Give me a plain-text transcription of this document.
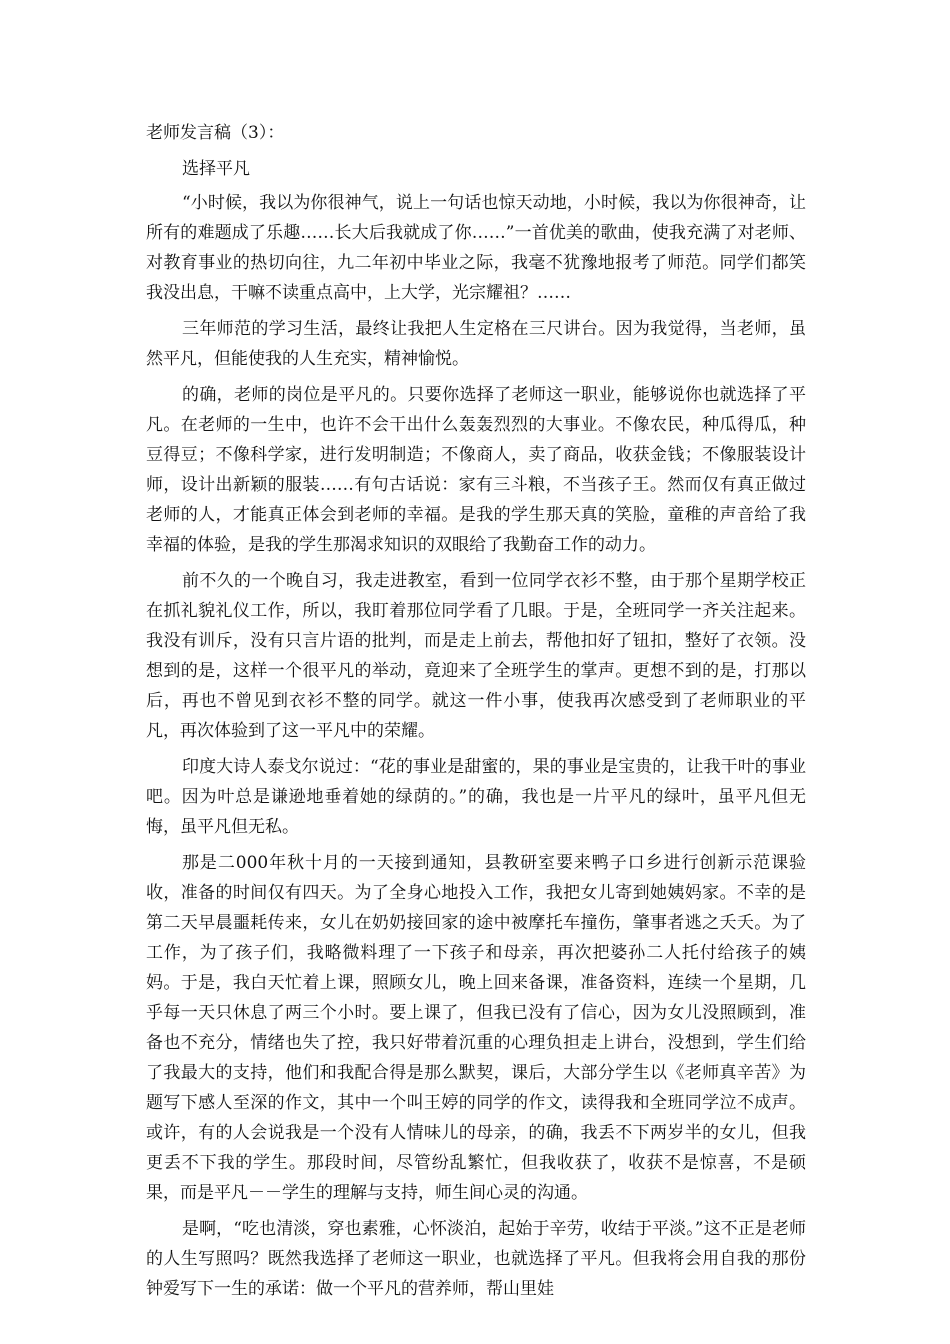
老师发言稿（3）：

选择平凡

“小时候，我以为你很神气，说上一句话也惊天动地，小时候，我以为你很神奇，让所有的难题成了乐趣……长大后我就成了你……”一首优美的歌曲，使我充满了对老师、对教育事业的热切向往，九二年初中毕业之际，我毫不犹豫地报考了师范。同学们都笑我没出息，干嘛不读重点高中，上大学，光宗耀祖？……

三年师范的学习生活，最终让我把人生定格在三尺讲台。因为我觉得，当老师，虽然平凡，但能使我的人生充实，精神愉悦。

的确，老师的岗位是平凡的。只要你选择了老师这一职业，能够说你也就选择了平凡。在老师的一生中，也许不会干出什么轰轰烈烈的大事业。不像农民，种瓜得瓜，种豆得豆；不像科学家，进行发明制造；不像商人，卖了商品，收获金钱；不像服装设计师，设计出新颖的服装……有句古话说：家有三斗粮，不当孩子王。然而仅有真正做过老师的人，才能真正体会到老师的幸福。是我的学生那天真的笑脸，童稚的声音给了我幸福的体验，是我的学生那渴求知识的双眼给了我勤奋工作的动力。

前不久的一个晚自习，我走进教室，看到一位同学衣衫不整，由于那个星期学校正在抓礼貌礼仪工作，所以，我盯着那位同学看了几眼。于是，全班同学一齐关注起来。我没有训斥，没有只言片语的批判，而是走上前去，帮他扣好了钮扣，整好了衣领。没想到的是，这样一个很平凡的举动，竟迎来了全班学生的掌声。更想不到的是，打那以后，再也不曾见到衣衫不整的同学。就这一件小事，使我再次感受到了老师职业的平凡，再次体验到了这一平凡中的荣耀。

印度大诗人泰戈尔说过：“花的事业是甜蜜的，果的事业是宝贵的，让我干叶的事业吧。因为叶总是谦逊地垂着她的绿荫的。”的确，我也是一片平凡的绿叶，虽平凡但无悔，虽平凡但无私。

那是二000年秋十月的一天接到通知，县教研室要来鸭子口乡进行创新示范课验收，准备的时间仅有四天。为了全身心地投入工作，我把女儿寄到她姨妈家。不幸的是第二天早晨噩耗传来，女儿在奶奶接回家的途中被摩托车撞伤，肇事者逃之夭夭。为了工作，为了孩子们，我略微料理了一下孩子和母亲，再次把婆孙二人托付给孩子的姨妈。于是，我白天忙着上课，照顾女儿，晚上回来备课，准备资料，连续一个星期，几乎每一天只休息了两三个小时。要上课了，但我已没有了信心，因为女儿没照顾到，准备也不充分，情绪也失了控，我只好带着沉重的心理负担走上讲台，没想到，学生们给了我最大的支持，他们和我配合得是那么默契，课后，大部分学生以《老师真辛苦》为题写下感人至深的作文，其中一个叫王婷的同学的作文，读得我和全班同学泣不成声。或许，有的人会说我是一个没有人情味儿的母亲，的确，我丢不下两岁半的女儿，但我更丢不下我的学生。那段时间，尽管纷乱繁忙，但我收获了，收获不是惊喜，不是硕果，而是平凡－－学生的理解与支持，师生间心灵的沟通。

是啊，“吃也清淡，穿也素雅，心怀淡泊，起始于辛劳，收结于平淡。”这不正是老师的人生写照吗？既然我选择了老师这一职业，也就选择了平凡。但我将会用自我的那份钟爱写下一生的承诺：做一个平凡的营养师，帮山里娃
